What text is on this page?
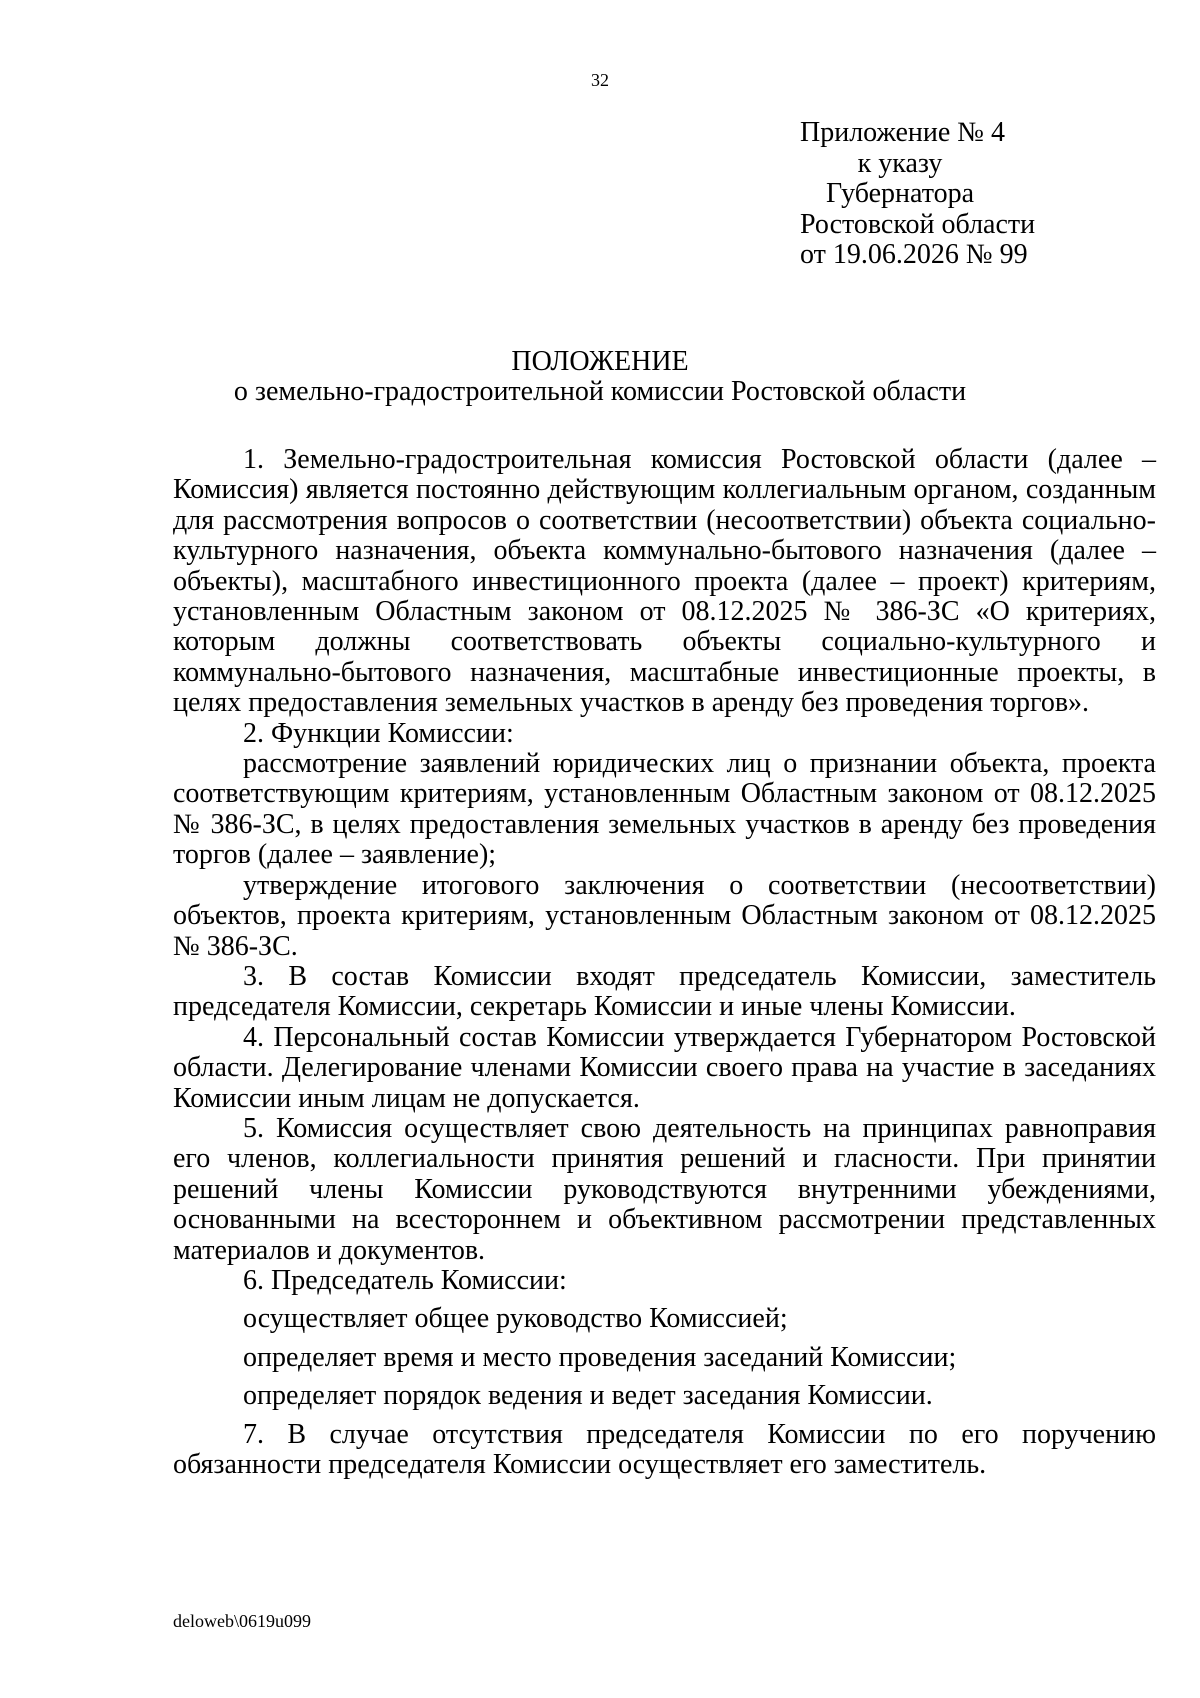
32
Приложение № 4
к указу
Губернатора
Ростовской области
от 19.06.2026 № 99
ПОЛОЖЕНИЕ
о земельно-градостроительной комиссии Ростовской области

1. Земельно-градостроительная комиссия Ростовской области (далее – Комиссия) является постоянно действующим коллегиальным органом, созданным для рассмотрения вопросов о соответствии (несоответствии) объекта социально-культурного назначения, объекта коммунально-бытового назначения (далее – объекты), масштабного инвестиционного проекта (далее – проект) критериям, установленным Областным законом от 08.12.2025 № 386-ЗС «О критериях, которым должны соответствовать объекты социально-культурного и коммунально-бытового назначения, масштабные инвестиционные проекты, в целях предоставления земельных участков в аренду без проведения торгов».

2. Функции Комиссии:

рассмотрение заявлений юридических лиц о признании объекта, проекта соответствующим критериям, установленным Областным законом от 08.12.2025 № 386-ЗС, в целях предоставления земельных участков в аренду без проведения торгов (далее – заявление);

утверждение итогового заключения о соответствии (несоответствии) объектов, проекта критериям, установленным Областным законом от 08.12.2025 № 386-ЗС.

3. В состав Комиссии входят председатель Комиссии, заместитель председателя Комиссии, секретарь Комиссии и иные члены Комиссии.

4. Персональный состав Комиссии утверждается Губернатором Ростовской области. Делегирование членами Комиссии своего права на участие в заседаниях Комиссии иным лицам не допускается.

5. Комиссия осуществляет свою деятельность на принципах равноправия его членов, коллегиальности принятия решений и гласности. При принятии решений члены Комиссии руководствуются внутренними убеждениями, основанными на всестороннем и объективном рассмотрении представленных материалов и документов.

6. Председатель Комиссии:

осуществляет общее руководство Комиссией;

определяет время и место проведения заседаний Комиссии;

определяет порядок ведения и ведет заседания Комиссии.

7. В случае отсутствия председателя Комиссии по его поручению обязанности председателя Комиссии осуществляет его заместитель.

deloweb\0619u099
